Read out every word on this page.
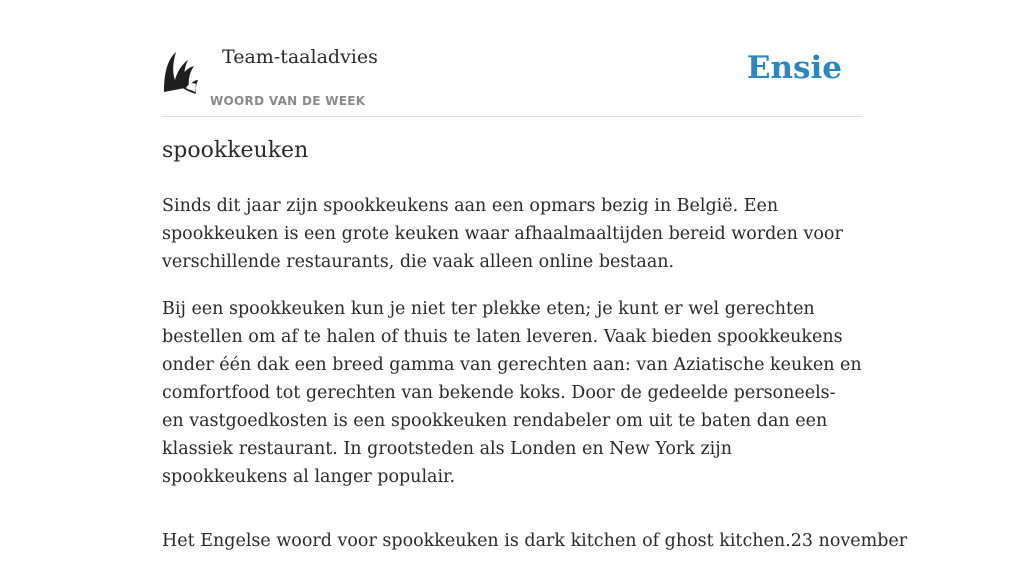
Team-taaladvies
WOORD VAN DE WEEK
Ensie
spookkeuken

Sinds dit jaar zijn spookkeukens aan een opmars bezig in België. Een spookkeuken is een grote keuken waar afhaalmaaltijden bereid worden voor verschillende restaurants, die vaak alleen online bestaan.

Bij een spookkeuken kun je niet ter plekke eten; je kunt er wel gerechten bestellen om af te halen of thuis te laten leveren. Vaak bieden spookkeukens onder één dak een breed gamma van gerechten aan: van Aziatische keuken en comfortfood tot gerechten van bekende koks. Door de gedeelde personeels- en vastgoedkosten is een spookkeuken rendabeler om uit te baten dan een klassiek restaurant. In grootsteden als Londen en New York zijn spookkeukens al langer populair.

Het Engelse woord voor spookkeuken is dark kitchen of ghost kitchen.23 november
